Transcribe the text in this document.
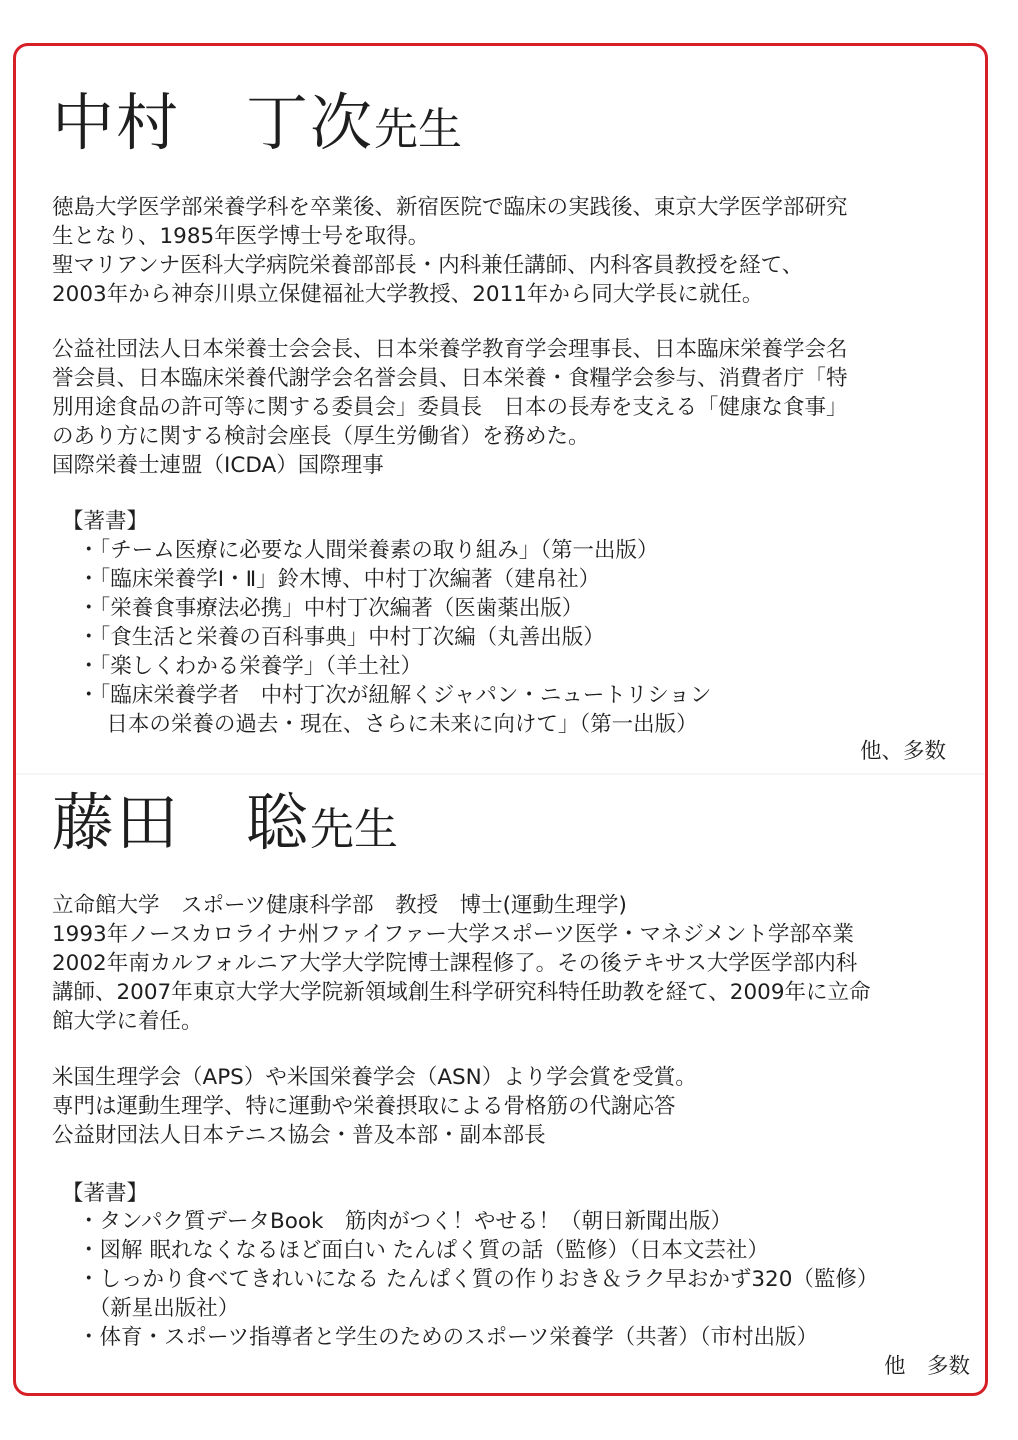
中村 丁次先生
徳島大学医学部栄養学科を卒業後、新宿医院で臨床の実践後、東京大学医学部研究
生となり、1985年医学博士号を取得。
聖マリアンナ医科大学病院栄養部部長・内科兼任講師、内科客員教授を経て、
2003年から神奈川県立保健福祉大学教授、2011年から同大学長に就任。
公益社団法人日本栄養士会会長、日本栄養学教育学会理事長、日本臨床栄養学会名
誉会員、日本臨床栄養代謝学会名誉会員、日本栄養・食糧学会参与、消費者庁「特
別用途食品の許可等に関する委員会」委員長　日本の長寿を支える「健康な食事」
のあり方に関する検討会座長（厚生労働省）を務めた。
国際栄養士連盟（ICDA）国際理事
【著書】
・「チーム医療に必要な人間栄養素の取り組み」（第一出版）
・「臨床栄養学Ⅰ・Ⅱ」鈴木博、中村丁次編著（建帛社）
・「栄養食事療法必携」中村丁次編著（医歯薬出版）
・「食生活と栄養の百科事典」中村丁次編（丸善出版）
・「楽しくわかる栄養学」（羊土社）
・「臨床栄養学者　中村丁次が紐解くジャパン・ニュートリション
　 日本の栄養の過去・現在、さらに未来に向けて」（第一出版）
他、多数
藤田 聡先生
立命館大学　スポーツ健康科学部　教授　博士(運動生理学)
1993年ノースカロライナ州ファイファー大学スポーツ医学・マネジメント学部卒業
2002年南カルフォルニア大学大学院博士課程修了。その後テキサス大学医学部内科
講師、2007年東京大学大学院新領域創生科学研究科特任助教を経て、2009年に立命
館大学に着任。
米国生理学会（APS）や米国栄養学会（ASN）より学会賞を受賞。
専門は運動生理学、特に運動や栄養摂取による骨格筋の代謝応答
公益財団法人日本テニス協会・普及本部・副本部長
【著書】
・タンパク質データBook　筋肉がつく！やせる！（朝日新聞出版）
・図解 眠れなくなるほど面白い たんぱく質の話（監修）（日本文芸社）
・しっかり食べてきれいになる たんぱく質の作りおき＆ラク早おかず320（監修）
　（新星出版社）
・体育・スポーツ指導者と学生のためのスポーツ栄養学（共著）（市村出版）
他　多数
